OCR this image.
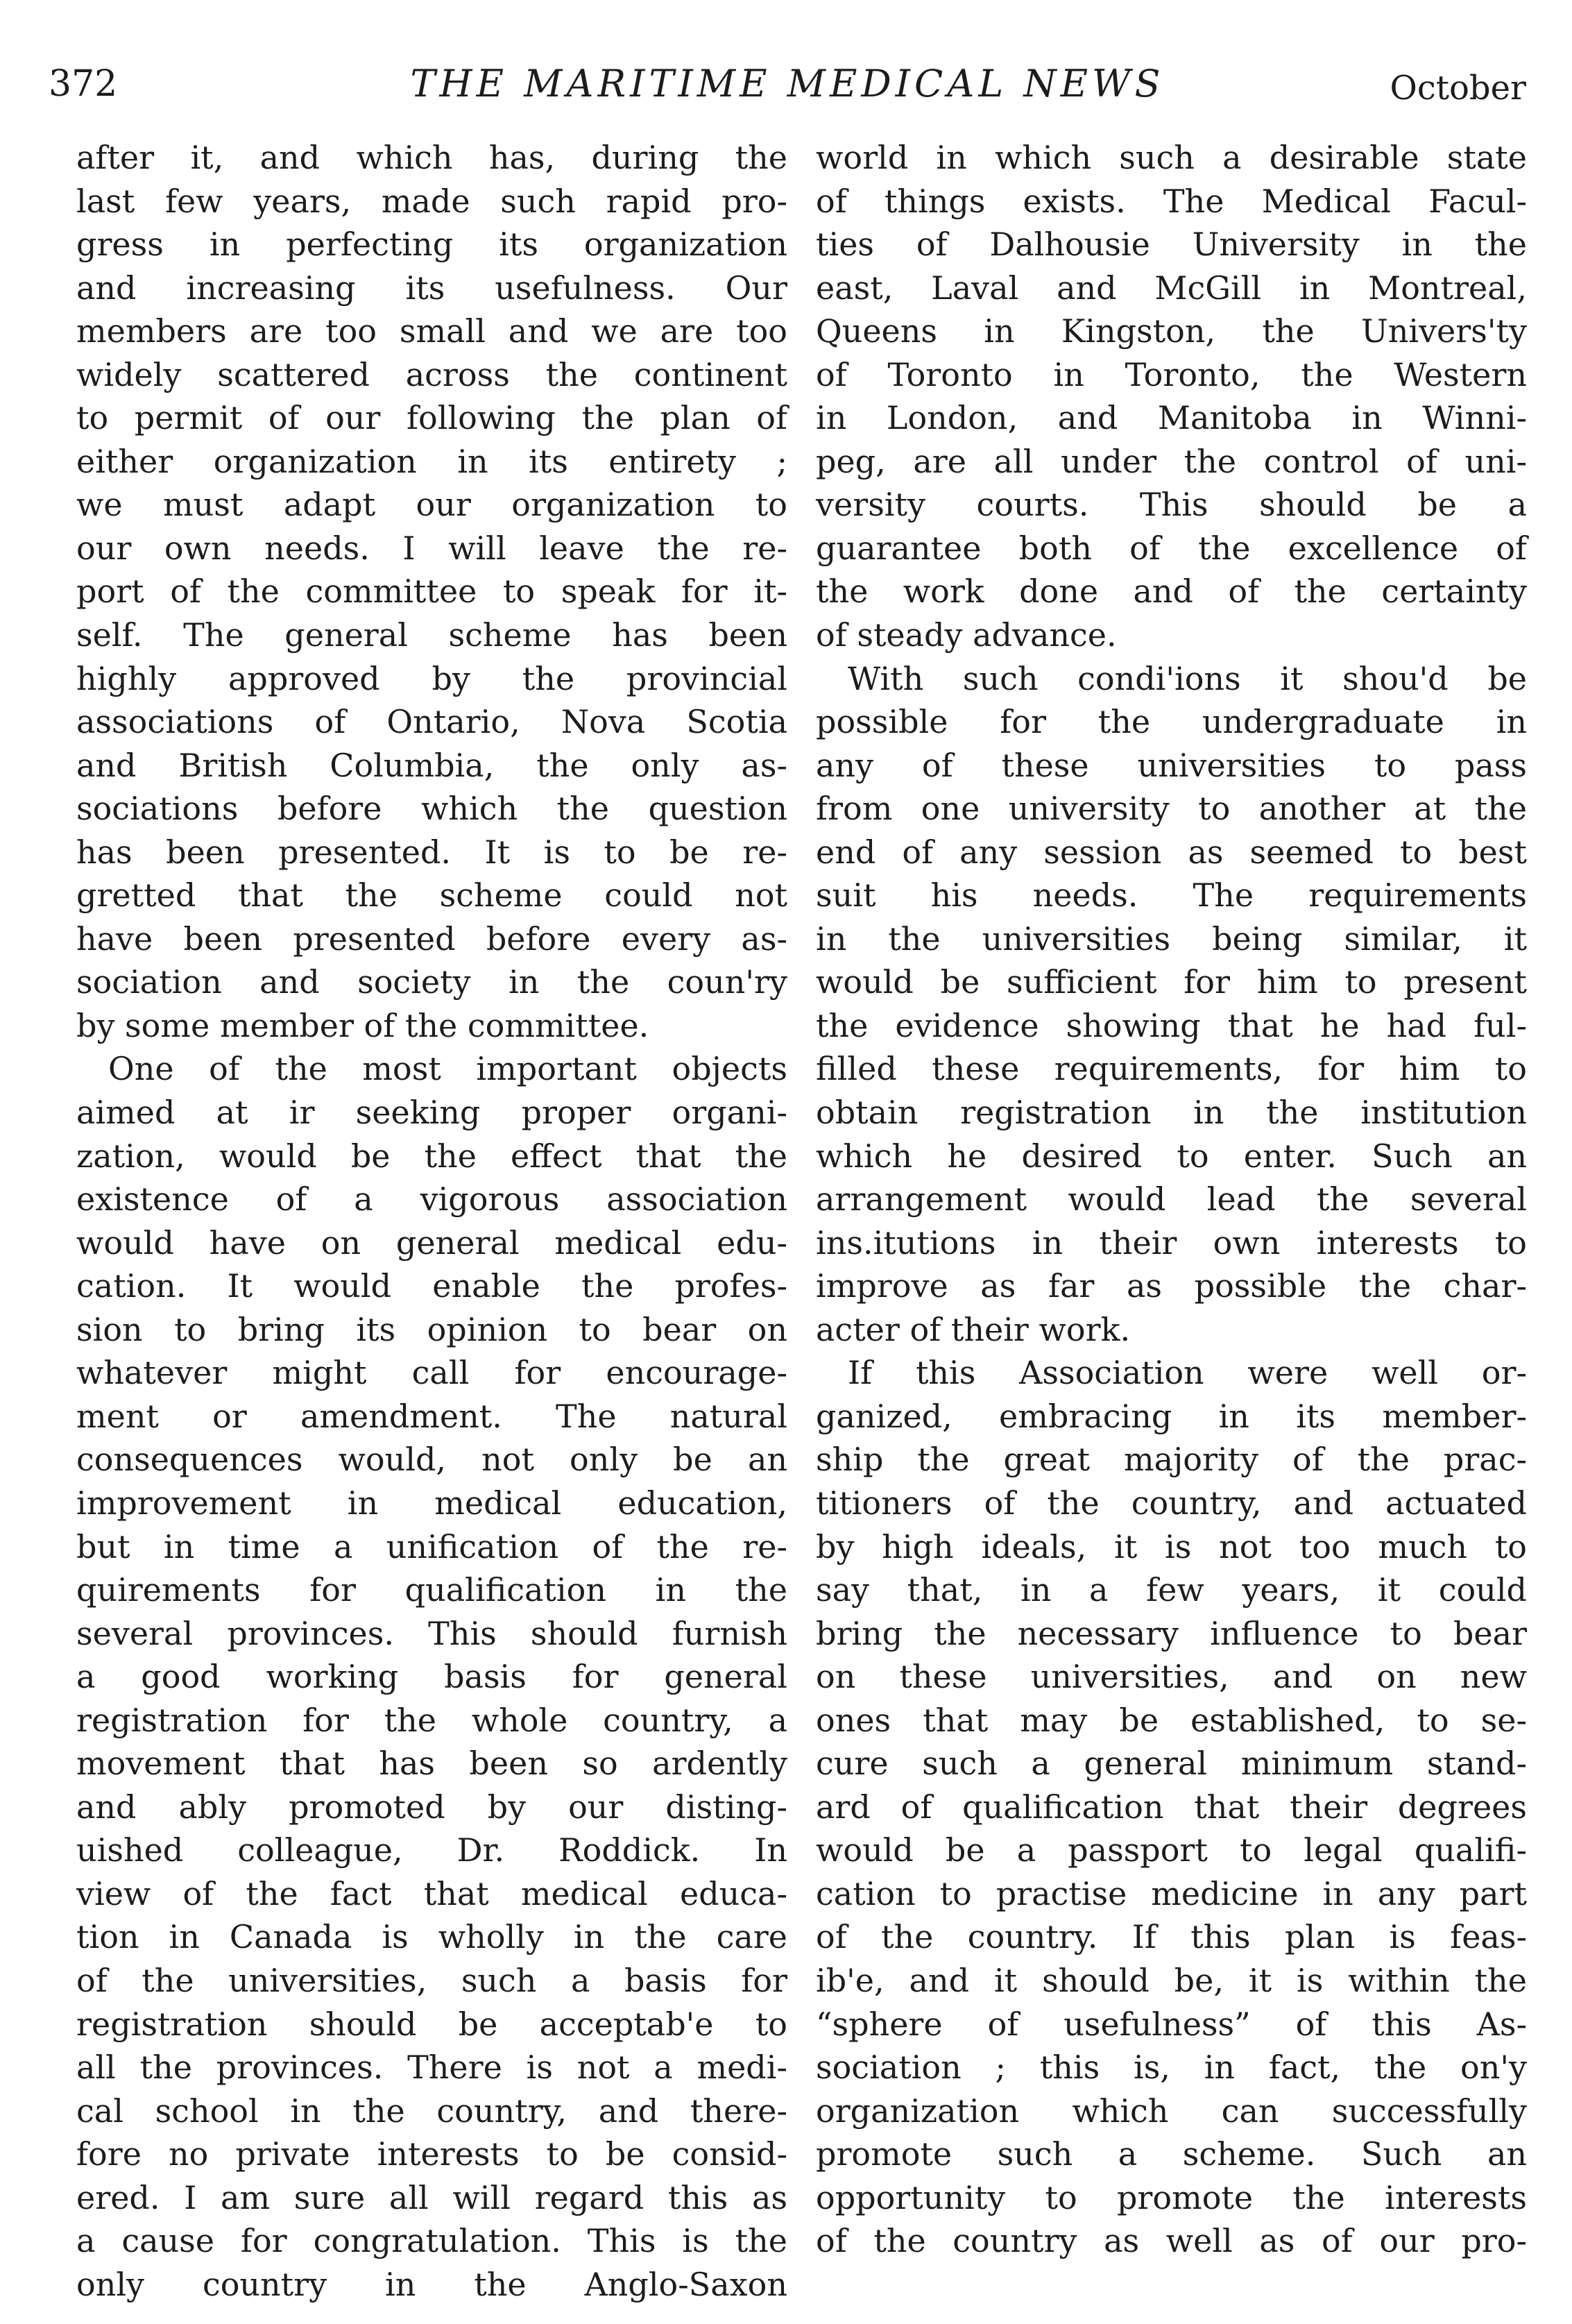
372	THE MARITIME MEDICAL NEWS	October
after it, and which has, during the
last few years, made such rapid pro-
gress in perfecting its organization
and increasing its usefulness. Our
members are too small and we are too
widely scattered across the continent
to permit of our following the plan of
either organization in its entirety ;
we must adapt our organization to
our own needs. I will leave the re-
port of the committee to speak for it-
self. The general scheme has been
highly approved by the provincial
associations of Ontario, Nova Scotia
and British Columbia, the only as-
sociations before which the question
has been presented. It is to be re-
gretted that the scheme could not
have been presented before every as-
sociation and society in the coun'ry
by some member of the committee.
One of the most important objects
aimed at ir seeking proper organi-
zation, would be the effect that the
existence of a vigorous association
would have on general medical edu-
cation. It would enable the profes-
sion to bring its opinion to bear on
whatever might call for encourage-
ment or amendment. The natural
consequences would, not only be an
improvement in medical education,
but in time a unification of the re-
quirements for qualification in the
several provinces. This should furnish
a good working basis for general
registration for the whole country, a
movement that has been so ardently
and ably promoted by our disting-
uished colleague, Dr. Roddick. In
view of the fact that medical educa-
tion in Canada is wholly in the care
of the universities, such a basis for
registration should be acceptab'e to
all the provinces. There is not a medi-
cal school in the country, and there-
fore no private interests to be consid-
ered. I am sure all will regard this as
a cause for congratulation. This is the
only country in the Anglo-Saxon
world in which such a desirable state
of things exists. The Medical Facul-
ties of Dalhousie University in the
east, Laval and McGill in Montreal,
Queens in Kingston, the Univers'ty
of Toronto in Toronto, the Western
in London, and Manitoba in Winni-
peg, are all under the control of uni-
versity courts. This should be a
guarantee both of the excellence of
the work done and of the certainty
of steady advance.
With such condi'ions it shou'd be
possible for the undergraduate in
any of these universities to pass
from one university to another at the
end of any session as seemed to best
suit his needs. The requirements
in the universities being similar, it
would be sufficient for him to present
the evidence showing that he had ful-
filled these requirements, for him to
obtain registration in the institution
which he desired to enter. Such an
arrangement would lead the several
ins.itutions in their own interests to
improve as far as possible the char-
acter of their work.
If this Association were well or-
ganized, embracing in its member-
ship the great majority of the prac-
titioners of the country, and actuated
by high ideals, it is not too much to
say that, in a few years, it could
bring the necessary influence to bear
on these universities, and on new
ones that may be established, to se-
cure such a general minimum stand-
ard of qualification that their degrees
would be a passport to legal qualifi-
cation to practise medicine in any part
of the country. If this plan is feas-
ib'e, and it should be, it is within the
“sphere of usefulness” of this As-
sociation ; this is, in fact, the on'y
organization which can successfully
promote such a scheme. Such an
opportunity to promote the interests
of the country as well as of our pro-
